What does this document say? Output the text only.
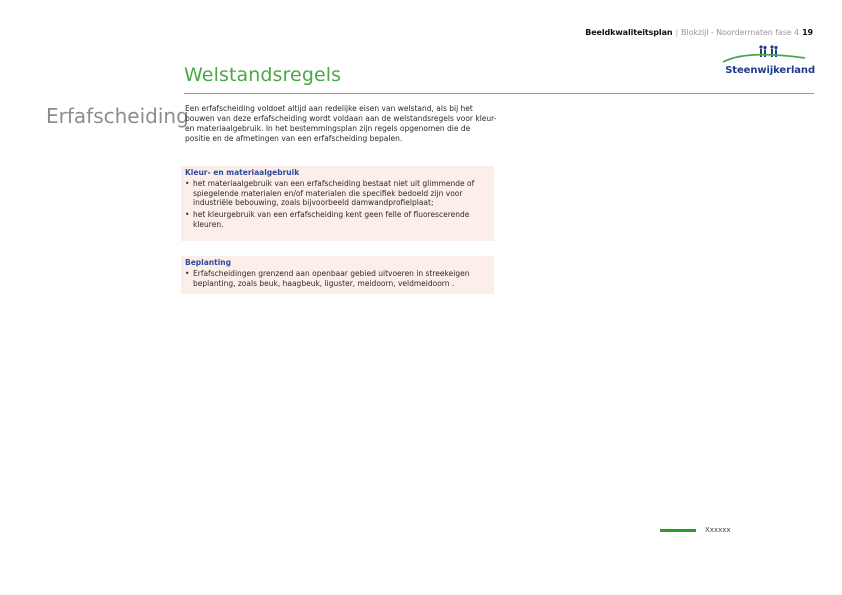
Beeldkwaliteitsplan | Blokzijl - Noordermaten fase 4 19
Steenwijkerland
Welstandsregels
Erfafscheiding

Een erfafscheiding voldoet altijd aan redelijke eisen van welstand, als bij het bouwen van deze erfafscheiding wordt voldaan aan de welstandsregels voor kleur- en materiaalgebruik. In het bestemmingsplan zijn regels opgenomen die de positie en de afmetingen van een erfafscheiding bepalen.

Kleur- en materiaalgebruik
• het materiaalgebruik van een erfafscheiding bestaat niet uit glimmende of spiegelende materialen en/of materialen die specifiek bedoeld zijn voor industriële bebouwing, zoals bijvoorbeeld damwandprofielplaat;
• het kleurgebruik van een erfafscheiding kent geen felle of fluorescerende kleuren.
Beplanting
• Erfafscheidingen grenzend aan openbaar gebied uitvoeren in streekeigen beplanting, zoals beuk, haagbeuk, liguster, meidoorn, veldmeidoorn .
Xxxxxx
